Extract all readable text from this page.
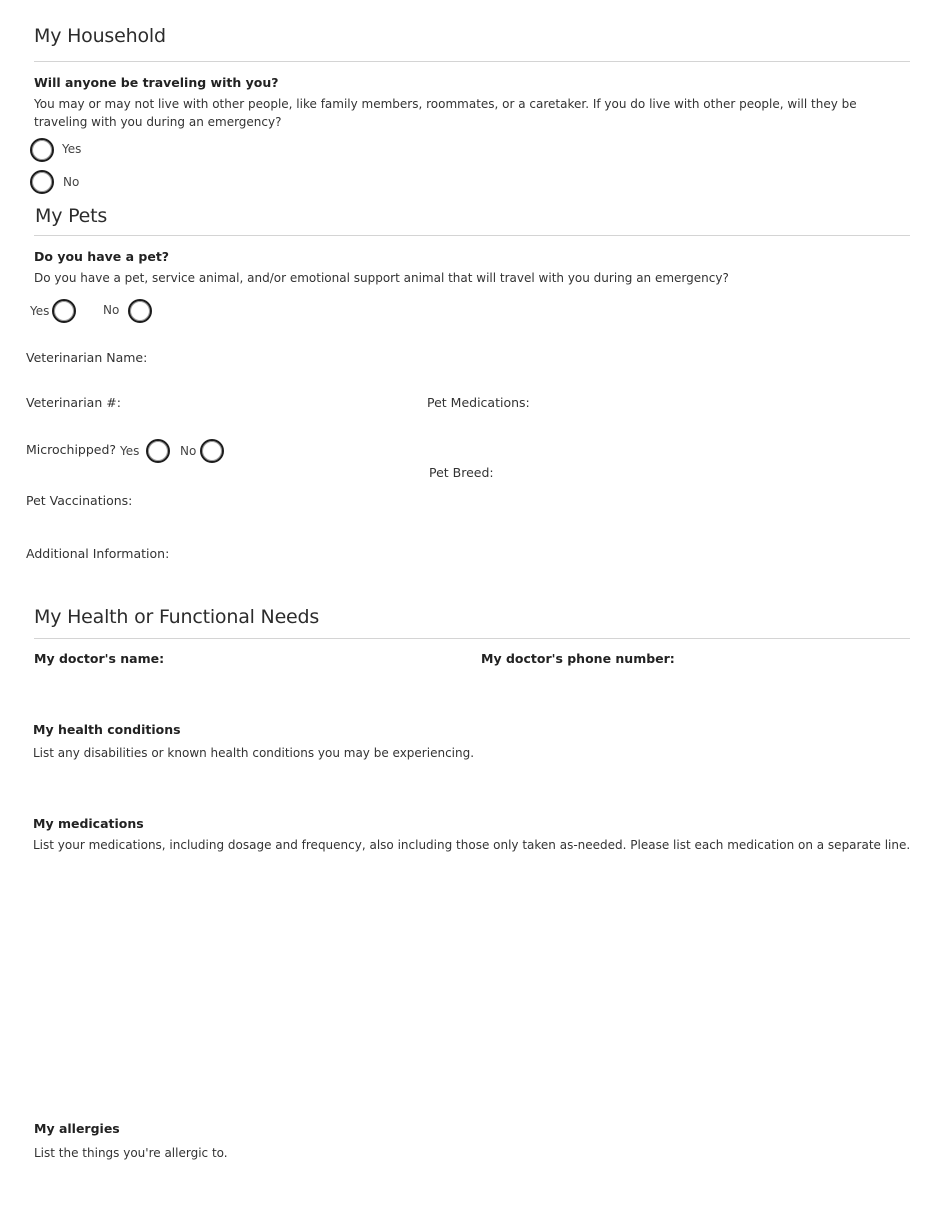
My Household
Will anyone be traveling with you?
You may or may not live with other people, like family members, roommates, or a caretaker. If you do live with other people, will they be traveling with you during an emergency?
Yes
No
My Pets
Do you have a pet?
Do you have a pet, service animal, and/or emotional support animal that will travel with you during an emergency?
Yes	No
Veterinarian Name:
Veterinarian #:	Pet Medications:
Microchipped? Yes	No
Pet Breed:
Pet Vaccinations:
Additional Information:
My Health or Functional Needs
My doctor's name:	My doctor's phone number:
My health conditions
List any disabilities or known health conditions you may be experiencing.
My medications
List your medications, including dosage and frequency, also including those only taken as-needed. Please list each medication on a separate line.
My allergies
List the things you're allergic to.
